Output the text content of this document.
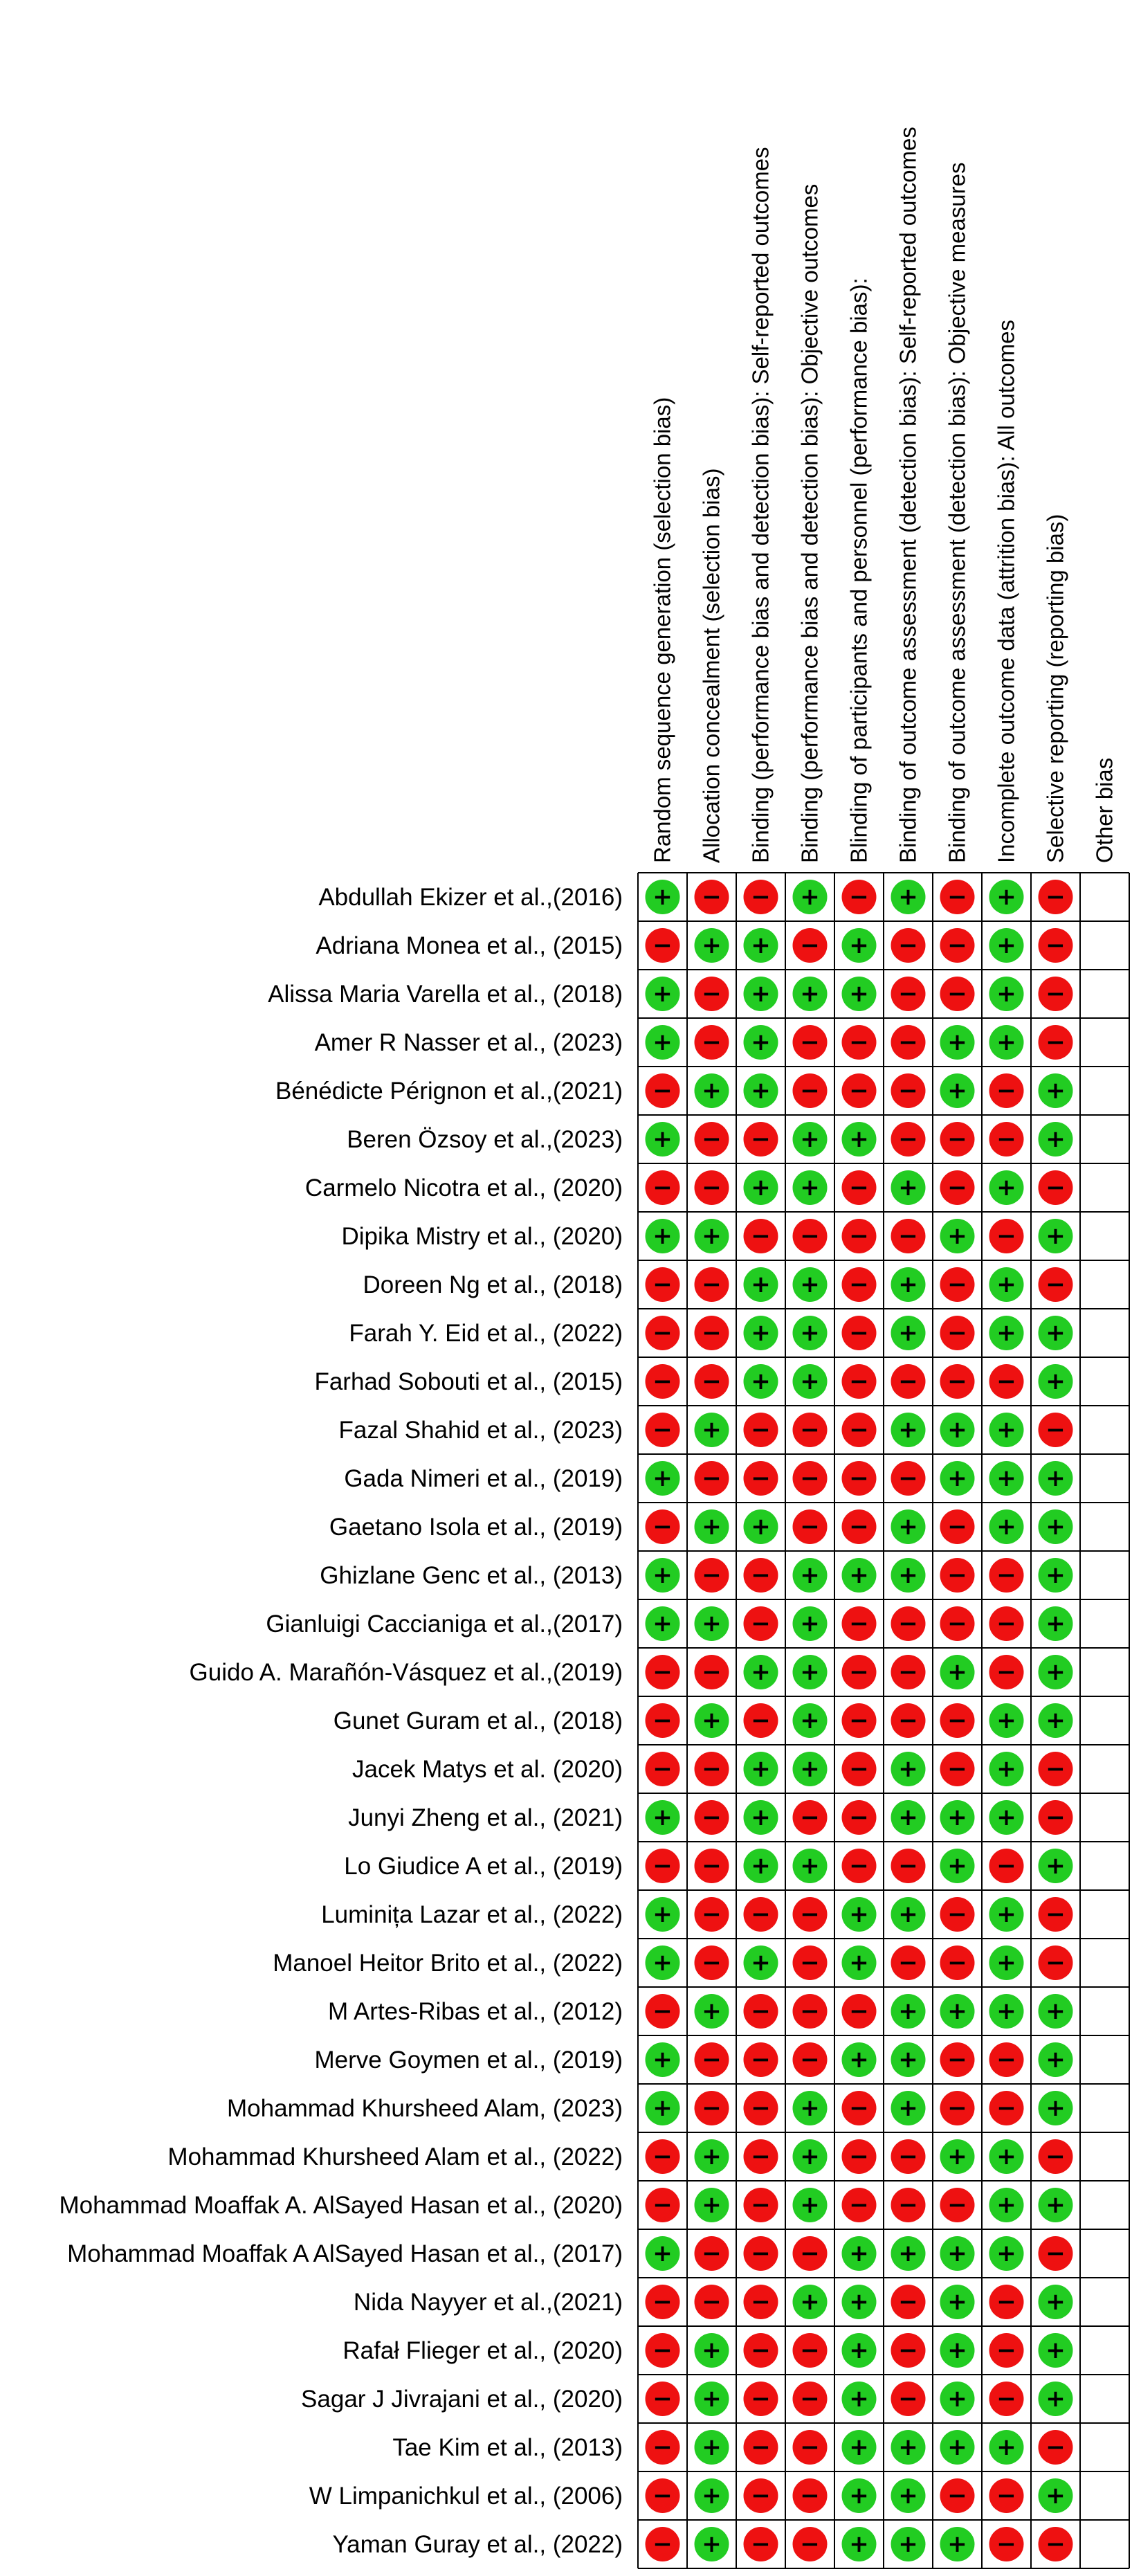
Random sequence generation (selection bias) Allocation concealment (selection bias) Binding (performance bias and detection bias): Self-reported outcomes Binding (performance bias and detection bias): Objective outcomes Blinding of participants and personnel (performance bias): Binding of outcome assessment (detection bias): Self-reported outcomes Binding of outcome assessment (detection bias): Objective measures Incomplete outcome data (attrition bias): All outcomes Selective reporting (reporting bias) Other bias
Abdullah Ekizer et al.,(2016) + − − + − + − + −
Adriana Monea et al., (2015) − + + − + − − + −
Alissa Maria Varella et al., (2018) + − + + + − − + −
Amer R Nasser et al., (2023) + − + − − − + + −
Bénédicte Pérignon et al.,(2021) − + + − − − + − +
Beren Özsoy et al.,(2023) + − − + + − − − +
Carmelo Nicotra et al., (2020) − − + + − + − + −
Dipika Mistry et al., (2020) + + − − − − + − +
Doreen Ng et al., (2018) − − + + − + − + −
Farah Y. Eid et al., (2022) − − + + − + − + +
Farhad Sobouti et al., (2015) − − + + − − − − +
Fazal Shahid et al., (2023) − + − − − + + + −
Gada Nimeri et al., (2019) + − − − − − + + +
Gaetano Isola et al., (2019) − + + − − + − + +
Ghizlane Genc et al., (2013) + − − + + + − − +
Gianluigi Caccianiga et al.,(2017) + + − + − − − − +
Guido A. Marañón-Vásquez et al.,(2019) − − + + − − + − +
Gunet Guram et al., (2018) − + − + − − − + +
Jacek Matys et al. (2020) − − + + − + − + −
Junyi Zheng et al., (2021) + − + − − + + + −
Lo Giudice A et al., (2019) − − + + − − + − +
Luminița Lazar et al., (2022) + − − − + + − + −
Manoel Heitor Brito et al., (2022) + − + − + − − + −
M Artes-Ribas et al., (2012) − + − − − + + + +
Merve Goymen et al., (2019) + − − − + + − − +
Mohammad Khursheed Alam, (2023) + − − + − + − − +
Mohammad Khursheed Alam et al., (2022) − + − + − − + + −
Mohammad Moaffak A. AlSayed Hasan et al., (2020) − + − + − − − + +
Mohammad Moaffak A AlSayed Hasan et al., (2017) + − − − + + + + −
Nida Nayyer et al.,(2021) − − − + + − + − +
Rafał Flieger et al., (2020) − + − − + − + − +
Sagar J Jivrajani et al., (2020) − + − − + − + − +
Tae Kim et al., (2013) − + − − + + + + −
W Limpanichkul et al., (2006) − + − − + + − − +
Yaman Guray et al., (2022) − + − − + + + − −
